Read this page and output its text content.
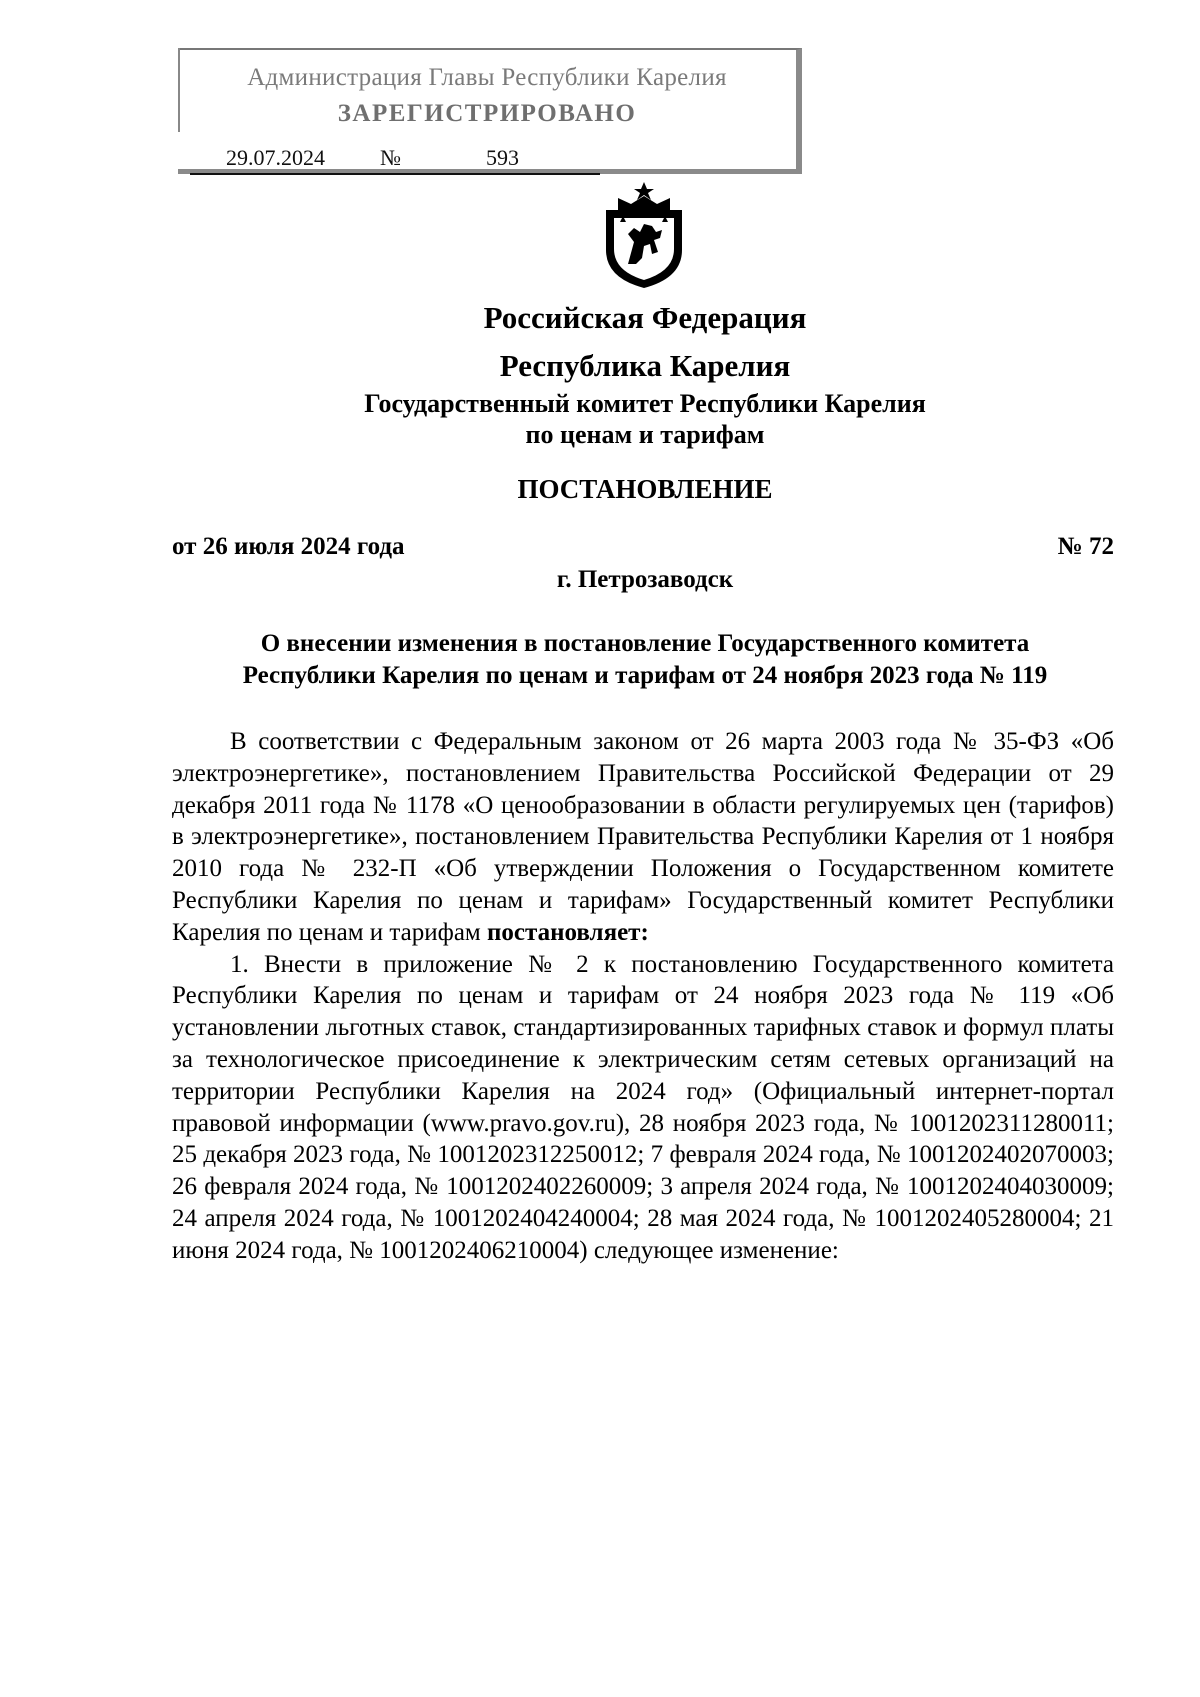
Администрация Главы Республики Карелия
ЗАРЕГИСТРИРОВАНО
29.07.2024	№	593
Российская Федерация
Республика Карелия
Государственный комитет Республики Карелия
по ценам и тарифам
ПОСТАНОВЛЕНИЕ
от 26 июля 2024 года	№ 72
г. Петрозаводск
О внесении изменения в постановление Государственного комитета
Республики Карелия по ценам и тарифам от 24 ноября 2023 года № 119

В соответствии с Федеральным законом от 26 марта 2003 года № 35-ФЗ «Об электроэнергетике», постановлением Правительства Российской Федерации от 29 декабря 2011 года № 1178 «О ценообразовании в области регулируемых цен (тарифов) в электроэнергетике», постановлением Правительства Республики Карелия от 1 ноября 2010 года № 232-П «Об утверждении Положения о Государственном комитете Республики Карелия по ценам и тарифам» Государственный комитет Республики Карелия по ценам и тарифам постановляет:

1. Внести в приложение № 2 к постановлению Государственного комитета Республики Карелия по ценам и тарифам от 24 ноября 2023 года № 119 «Об установлении льготных ставок, стандартизированных тарифных ставок и формул платы за технологическое присоединение к электрическим сетям сетевых организаций на территории Республики Карелия на 2024 год» (Официальный интернет-портал правовой информации (www.pravo.gov.ru), 28 ноября 2023 года, № 1001202311280011; 25 декабря 2023 года, № 1001202312250012; 7 февраля 2024 года, № 1001202402070003; 26 февраля 2024 года, № 1001202402260009; 3 апреля 2024 года, № 1001202404030009; 24 апреля 2024 года, № 1001202404240004; 28 мая 2024 года, № 1001202405280004; 21 июня 2024 года, № 1001202406210004) следующее изменение:
